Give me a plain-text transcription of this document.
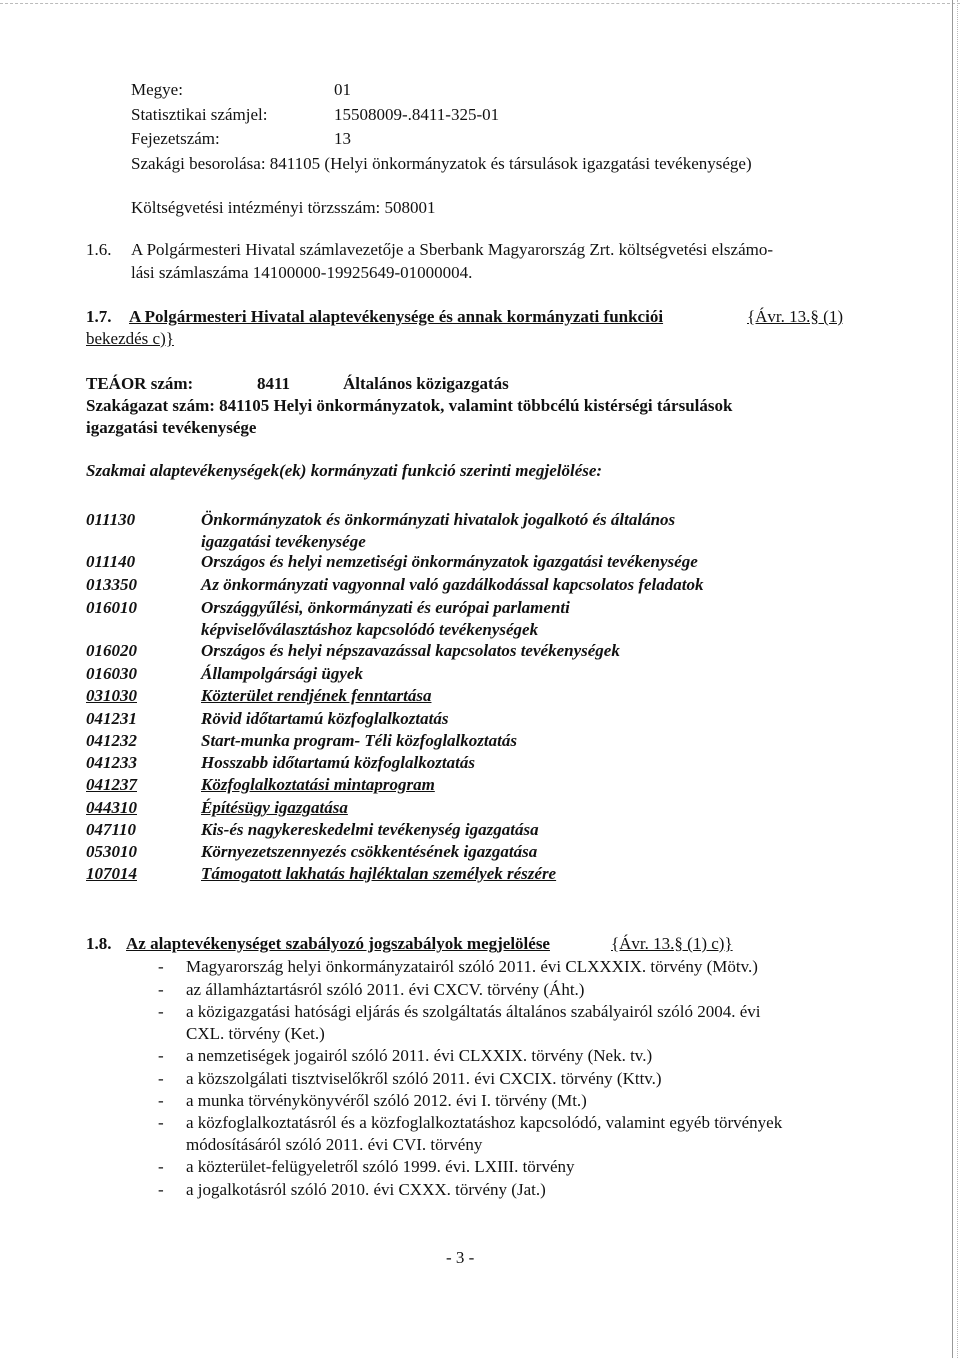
Megye:	01
Statisztikai számjel:	15508009-.8411-325-01
Fejezetszám:	13
Szakági besorolása: 841105 (Helyi önkormányzatok és társulások igazgatási tevékenysége)
Költségvetési intézményi törzsszám: 508001
1.6. A Polgármesteri Hivatal számlavezetője a Sberbank Magyarország Zrt. költségvetési elszámo-
lási számlaszáma 14100000-19925649-01000004.
1.7. A Polgármesteri Hivatal alaptevékenysége és annak kormányzati funkciói	{Ávr. 13.§ (1)
bekezdés c)}
TEÁOR szám:	8411	Általános közigazgatás
Szakágazat szám: 841105 Helyi önkormányzatok, valamint többcélú kistérségi társulások
igazgatási tevékenysége
Szakmai alaptevékenységek(ek) kormányzati funkció szerinti megjelölése:
011130	Önkormányzatok és önkormányzati hivatalok jogalkotó és általános
igazgatási tevékenysége
011140	Országos és helyi nemzetiségi önkormányzatok igazgatási tevékenysége
013350	Az önkormányzati vagyonnal való gazdálkodással kapcsolatos feladatok
016010	Országgyűlési, önkormányzati és európai parlamenti
képviselőválasztáshoz kapcsolódó tevékenységek
016020	Országos és helyi népszavazással kapcsolatos tevékenységek
016030	Állampolgársági ügyek
031030	Közterület rendjének fenntartása
041231	Rövid időtartamú közfoglalkoztatás
041232	Start-munka program- Téli közfoglalkoztatás
041233	Hosszabb időtartamú közfoglalkoztatás
041237	Közfoglalkoztatási mintaprogram
044310	Építésügy igazgatása
047110	Kis-és nagykereskedelmi tevékenység igazgatása
053010	Környezetszennyezés csökkentésének igazgatása
107014	Támogatott lakhatás hajléktalan személyek részére
1.8. Az alaptevékenységet szabályozó jogszabályok megjelölése	{Ávr. 13.§ (1) c)}
- Magyarország helyi önkormányzatairól szóló 2011. évi CLXXXIX. törvény (Mötv.)
- az államháztartásról szóló 2011. évi CXCV. törvény (Áht.)
- a közigazgatási hatósági eljárás és szolgáltatás általános szabályairól szóló 2004. évi
CXL. törvény (Ket.)
- a nemzetiségek jogairól szóló 2011. évi CLXXIX. törvény (Nek. tv.)
- a közszolgálati tisztviselőkről szóló 2011. évi CXCIX. törvény (Kttv.)
- a munka törvénykönyvéről szóló 2012. évi I. törvény (Mt.)
- a közfoglalkoztatásról és a közfoglalkoztatáshoz kapcsolódó, valamint egyéb törvények
módosításáról szóló 2011. évi CVI. törvény
- a közterület-felügyeletről szóló 1999. évi. LXIII. törvény
- a jogalkotásról szóló 2010. évi CXXX. törvény (Jat.)
- 3 -
